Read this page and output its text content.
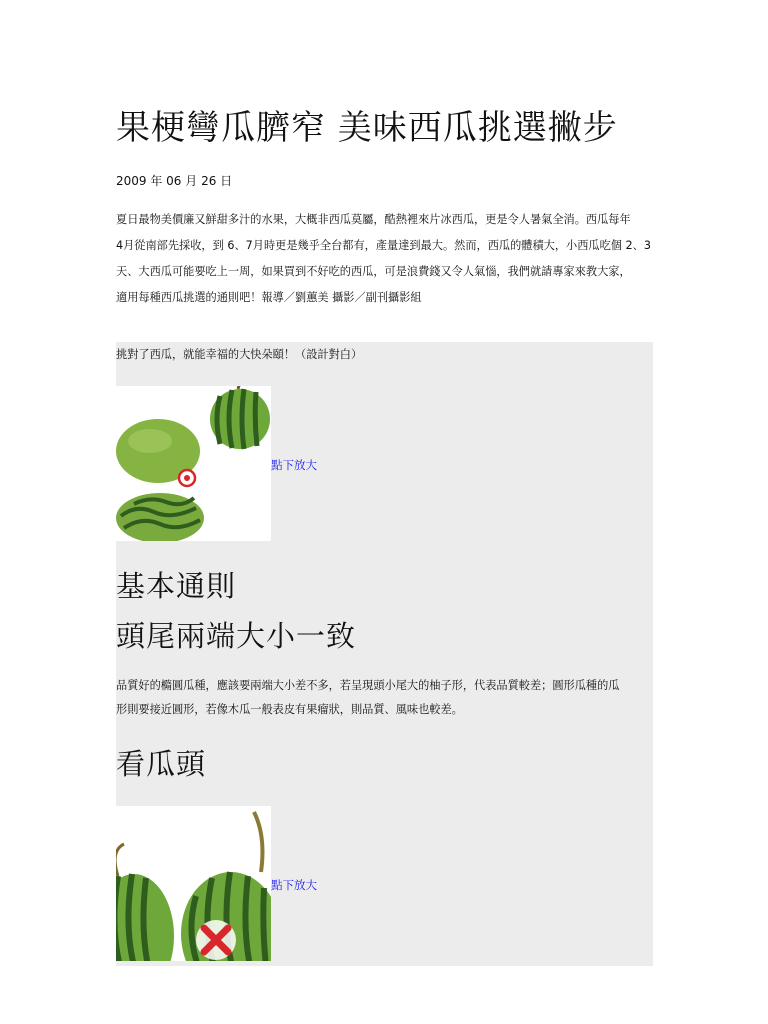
果梗彎瓜臍窄 美味西瓜挑選撇步
2009 年 06 月 26 日

夏日最物美價廉又鮮甜多汁的水果，大概非西瓜莫屬，酷熱裡來片冰西瓜，更是令人暑氣全消。西瓜每年

4月從南部先採收，到 6、7月時更是幾乎全台都有，產量達到最大。然而，西瓜的體積大，小西瓜吃個 2、3

天、大西瓜可能要吃上一周，如果買到不好吃的西瓜，可是浪費錢又令人氣惱，我們就請專家來教大家，

適用每種西瓜挑選的通則吧！報導／劉蕙美 攝影／副刊攝影組

挑對了西瓜，就能幸福的大快朵頤！（設計對白）
點下放大
基本通則
頭尾兩端大小一致

品質好的橢圓瓜種，應該要兩端大小差不多，若呈現頭小尾大的柚子形，代表品質較差；圓形瓜種的瓜

形則要接近圓形，若像木瓜一般表皮有果瘤狀，則品質、風味也較差。

看瓜頭
點下放大
